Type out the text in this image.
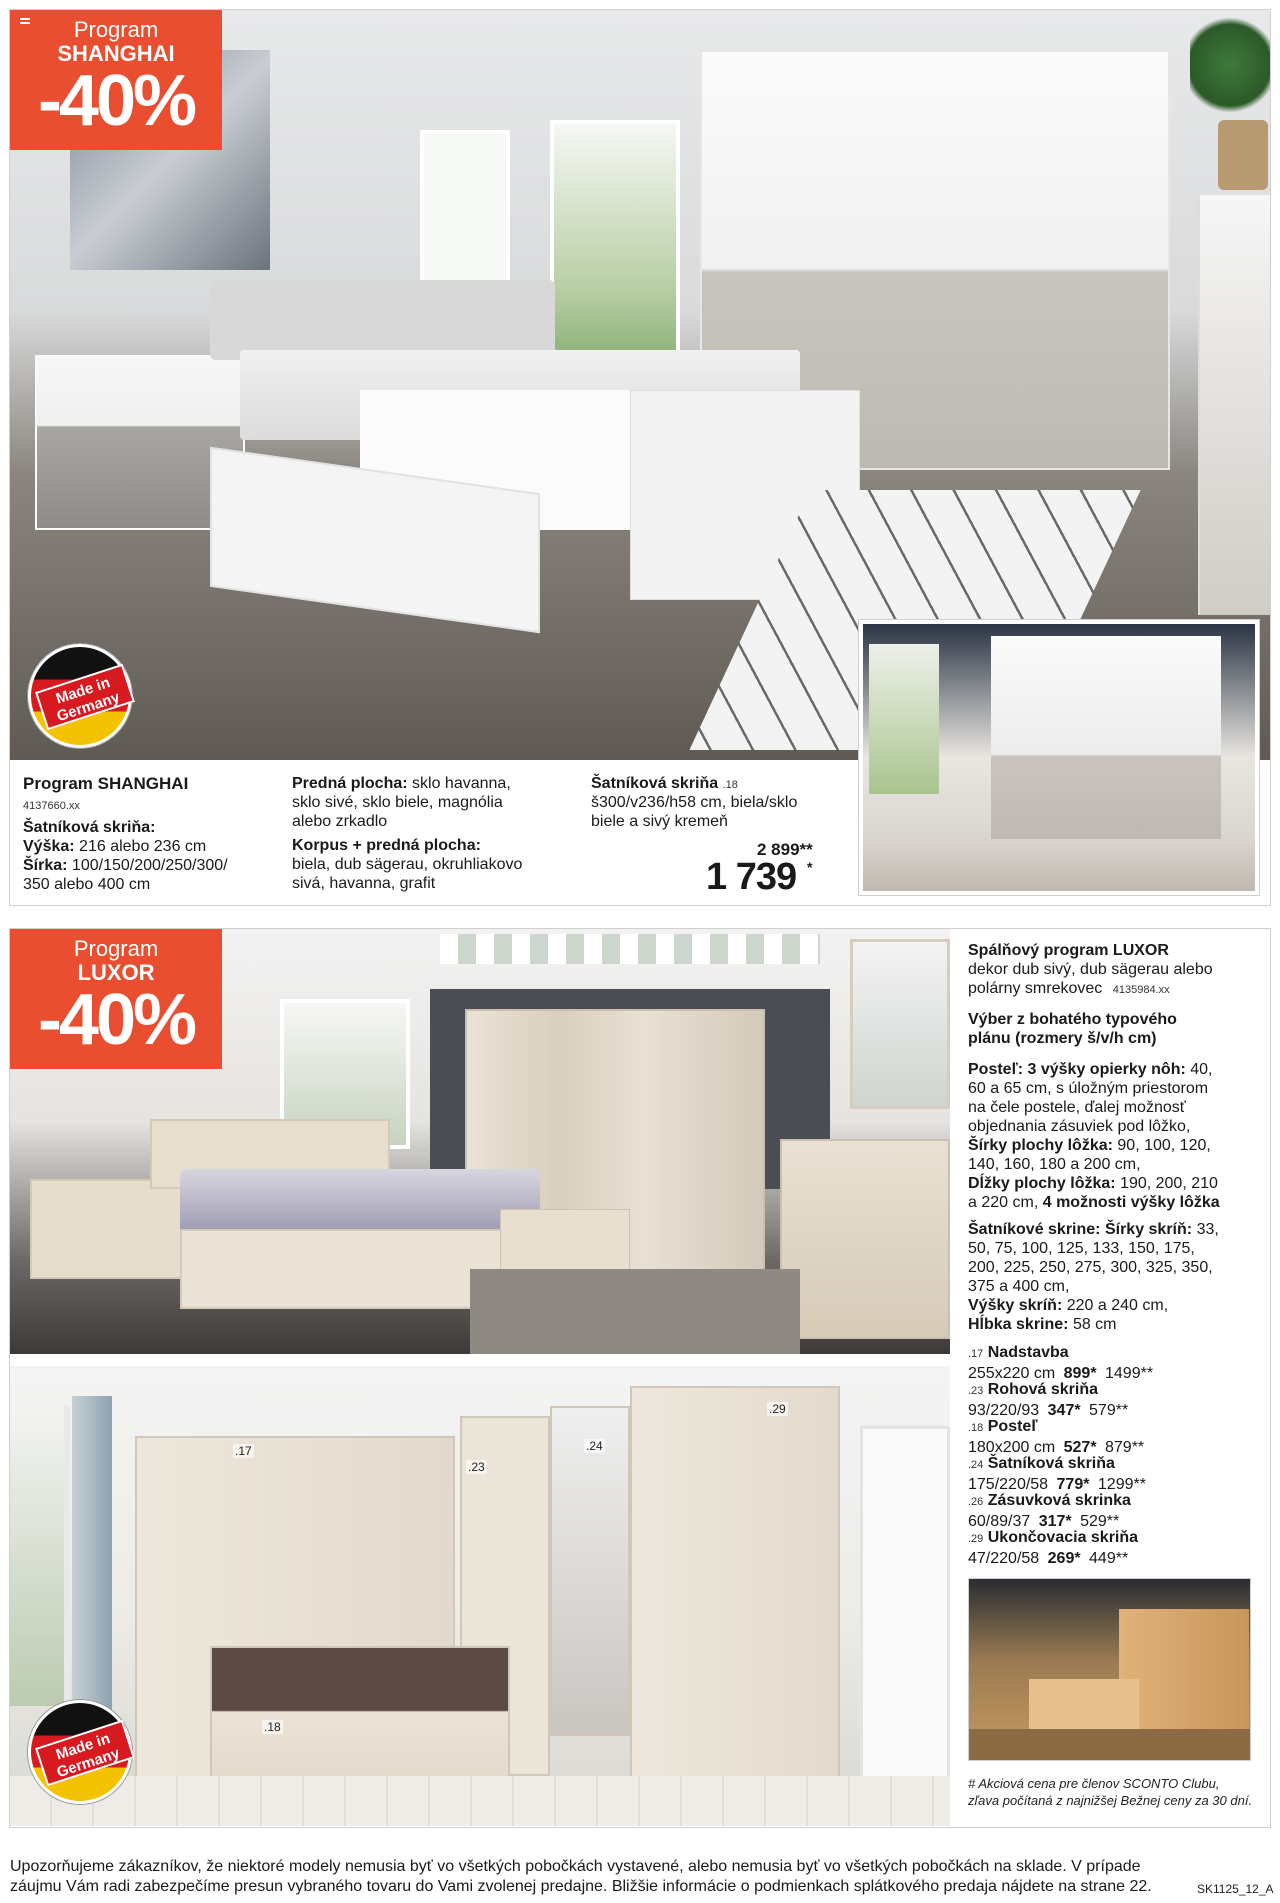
Program
SHANGHAI
-40%
Made in Germany
Program SHANGHAI
4137660.xx
Šatníková skriňa:
Výška: 216 alebo 236 cm
Šírka: 100/150/200/250/300/
350 alebo 400 cm
Predná plocha: sklo havanna,
sklo sivé, sklo biele, magnólia
alebo zrkadlo
Korpus + predná plocha:
biela, dub sägerau, okruhliakovo
sivá, havanna, grafit
Šatníková skriňa .18
š300/v236/h58 cm, biela/sklo
biele a sivý kremeň
2 899**
1 739 *
Program
LUXOR
-40%
.17
.23
.24
.29
.18
Made in Germany
Spálňový program LUXOR
dekor dub sivý, dub sägerau alebo
polárny smrekovec 4135984.xx
Výber z bohatého typového
plánu (rozmery š/v/h cm)
Posteľ: 3 výšky opierky nôh: 40,
60 a 65 cm, s úložným priestorom
na čele postele, ďalej možnosť
objednania zásuviek pod lôžko,
Šírky plochy lôžka: 90, 100, 120,
140, 160, 180 a 200 cm,
Dĺžky plochy lôžka: 190, 200, 210
a 220 cm, 4 možnosti výšky lôžka
Šatníkové skrine: Šírky skríň: 33,
50, 75, 100, 125, 133, 150, 175,
200, 225, 250, 275, 300, 325, 350,
375 a 400 cm,
Výšky skríň: 220 a 240 cm,
Hĺbka skrine: 58 cm
.17 Nadstavba
255x220 cm 899* 1499**
.23 Rohová skriňa
93/220/93 347* 579**
.18 Posteľ
180x200 cm 527* 879**
.24 Šatníková skriňa
175/220/58 779* 1299**
.26 Zásuvková skrinka
60/89/37 317* 529**
.29 Ukončovacia skriňa
47/220/58 269* 449**
# Akciová cena pre členov SCONTO Clubu,
zľava počítaná z najnižšej Bežnej ceny za 30 dní.
Upozorňujeme zákazníkov, že niektoré modely nemusia byť vo všetkých pobočkách vystavené, alebo nemusia byť vo všetkých pobočkách na sklade. V prípade
záujmu Vám radi zabezpečíme presun vybraného tovaru do Vami zvolenej predajne. Bližšie informácie o podmienkach splátkového predaja nájdete na strane 22.	SK1125_12_A
